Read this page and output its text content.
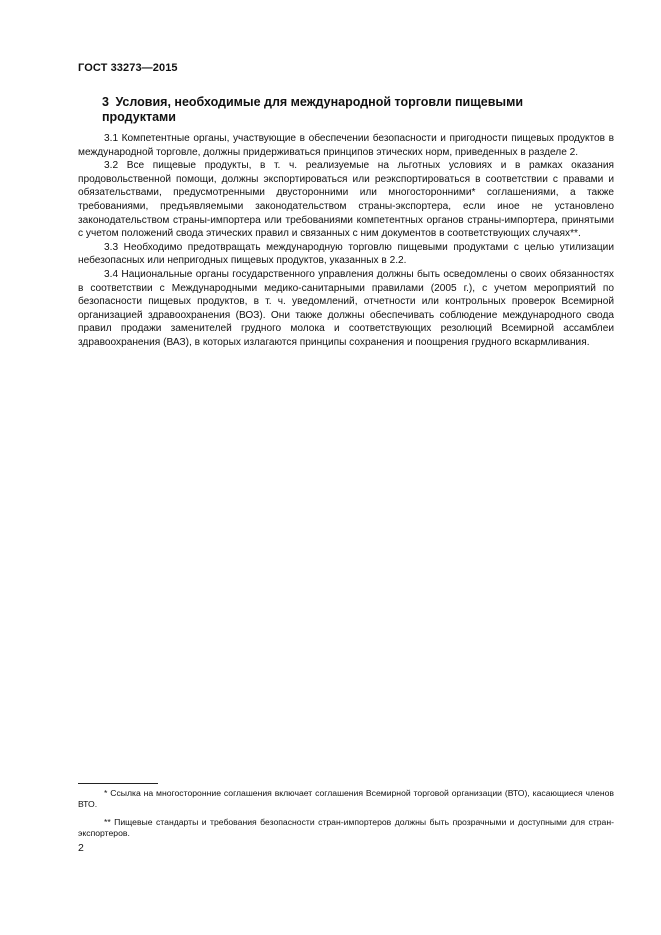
ГОСТ 33273—2015
3 Условия, необходимые для международной торговли пищевыми продуктами

3.1 Компетентные органы, участвующие в обеспечении безопасности и пригодности пищевых продуктов в международной торговле, должны придерживаться принципов этических норм, приведенных в разделе 2.

3.2 Все пищевые продукты, в т. ч. реализуемые на льготных условиях и в рамках оказания продовольственной помощи, должны экспортироваться или реэкспортироваться в соответствии с правами и обязательствами, предусмотренными двусторонними или многосторонними* соглашениями, а также требованиями, предъявляемыми законодательством страны-экспортера, если иное не установлено законодательством страны-импортера или требованиями компетентных органов страны-импортера, принятыми с учетом положений свода этических правил и связанных с ним документов в соответствующих случаях**.

3.3 Необходимо предотвращать международную торговлю пищевыми продуктами с целью утилизации небезопасных или непригодных пищевых продуктов, указанных в 2.2.

3.4 Национальные органы государственного управления должны быть осведомлены о своих обязанностях в соответствии с Международными медико-санитарными правилами (2005 г.), с учетом мероприятий по безопасности пищевых продуктов, в т. ч. уведомлений, отчетности или контрольных проверок Всемирной организацией здравоохранения (ВОЗ). Они также должны обеспечивать соблюдение международного свода правил продажи заменителей грудного молока и соответствующих резолюций Всемирной ассамблеи здравоохранения (ВАЗ), в которых излагаются принципы сохранения и поощрения грудного вскармливания.

* Ссылка на многосторонние соглашения включает соглашения Всемирной торговой организации (ВТО), касающиеся членов ВТО.

** Пищевые стандарты и требования безопасности стран-импортеров должны быть прозрачными и доступными для стран-экспортеров.

2
